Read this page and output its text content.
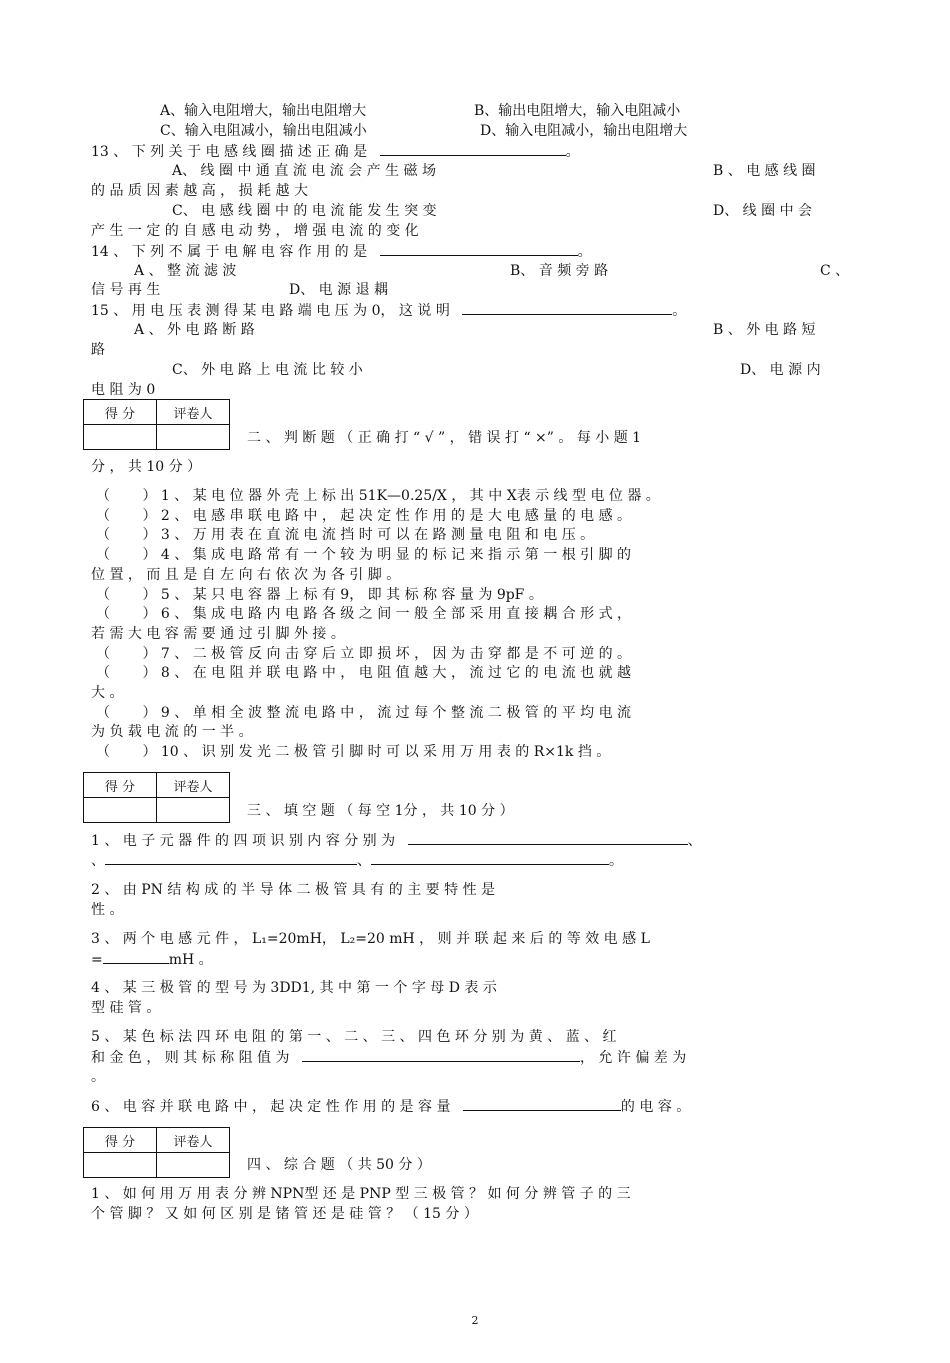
A、输入电阻增大，输出电阻增大	B、输出电阻增大，输入电阻减小
C、输入电阻减小，输出电阻减小	D、输入电阻减小，输出电阻增大
13 、 下 列 关 于 电 感 线 圈 描 述 正 确 是	。
A、 线 圈 中 通 直 流 电 流 会 产 生 磁 场	B 、 电 感 线 圈
的 品 质 因 素 越 高 ， 损 耗 越 大
C、 电 感 线 圈 中 的 电 流 能 发 生 突 变	D、 线 圈 中 会
产 生 一 定 的 自 感 电 动 势 ， 增 强 电 流 的 变 化
14 、 下 列 不 属 于 电 解 电 容 作 用 的 是	。
A 、 整 流 滤 波	B、 音 频 旁 路	C 、
信 号 再 生	D、 电 源 退 耦
15 、 用 电 压 表 测 得 某 电 路 端 电 压 为 0， 这 说 明	。
A 、 外 电 路 断 路	B 、 外 电 路 短
路
C、 外 电 路 上 电 流 比 较 小	D、 电 源 内
电 阻 为 0
得 分	评卷人

二 、 判 断 题 （ 正 确 打 “ √ ” ， 错 误 打 “ ×” 。 每 小 题 1
分 ， 共 10 分 ）
（　　 ） 1 、 某 电 位 器 外 壳 上 标 出 51K—0.25/X ， 其 中 X表 示 线 型 电 位 器 。
（　　 ） 2 、 电 感 串 联 电 路 中 ， 起 决 定 性 作 用 的 是 大 电 感 量 的 电 感 。
（　　 ） 3 、 万 用 表 在 直 流 电 流 挡 时 可 以 在 路 测 量 电 阻 和 电 压 。
（　　 ） 4 、 集 成 电 路 常 有 一 个 较 为 明 显 的 标 记 来 指 示 第 一 根 引 脚 的
位 置 ， 而 且 是 自 左 向 右 依 次 为 各 引 脚 。
（　　 ） 5 、 某 只 电 容 器 上 标 有 9， 即 其 标 称 容 量 为 9pF 。
（　　 ） 6 、 集 成 电 路 内 电 路 各 级 之 间 一 般 全 部 采 用 直 接 耦 合 形 式 ，
若 需 大 电 容 需 要 通 过 引 脚 外 接 。
（　　 ） 7 、 二 极 管 反 向 击 穿 后 立 即 损 坏 ， 因 为 击 穿 都 是 不 可 逆 的 。
（　　 ） 8 、 在 电 阻 并 联 电 路 中 ， 电 阻 值 越 大 ， 流 过 它 的 电 流 也 就 越
大 。
（　　 ） 9 、 单 相 全 波 整 流 电 路 中 ， 流 过 每 个 整 流 二 极 管 的 平 均 电 流
为 负 载 电 流 的 一 半 。
（　　 ） 10 、 识 别 发 光 二 极 管 引 脚 时 可 以 采 用 万 用 表 的 R×1k 挡 。
得 分	评卷人

三 、 填 空 题 （ 每 空 1分 ， 共 10 分 ）
1 、 电 子 元 器 件 的 四 项 识 别 内 容 分 别 为	、
、	、	。
2 、 由 PN 结 构 成 的 半 导 体 二 极 管 具 有 的 主 要 特 性 是
性 。
3 、 两 个 电 感 元 件 ， L₁=20mH， L₂=20 mH ， 则 并 联 起 来 后 的 等 效 电 感 L
=	mH 。
4 、 某 三 极 管 的 型 号 为 3DD1, 其 中 第 一 个 字 母 D 表 示
型 硅 管 。
5 、 某 色 标 法 四 环 电 阻 的 第 一 、 二 、 三 、 四 色 环 分 别 为 黄 、 蓝 、 红
和 金 色 ， 则 其 标 称 阻 值 为	， 允 许 偏 差 为
。
6 、 电 容 并 联 电 路 中 ， 起 决 定 性 作 用 的 是 容 量	的 电 容 。
得 分	评卷人

四 、 综 合 题 （ 共 50 分 ）
1 、 如 何 用 万 用 表 分 辨 NPN型 还 是 PNP 型 三 极 管 ？ 如 何 分 辨 管 子 的 三
个 管 脚 ？ 又 如 何 区 别 是 锗 管 还 是 硅 管 ？ （ 15 分 ）
2
